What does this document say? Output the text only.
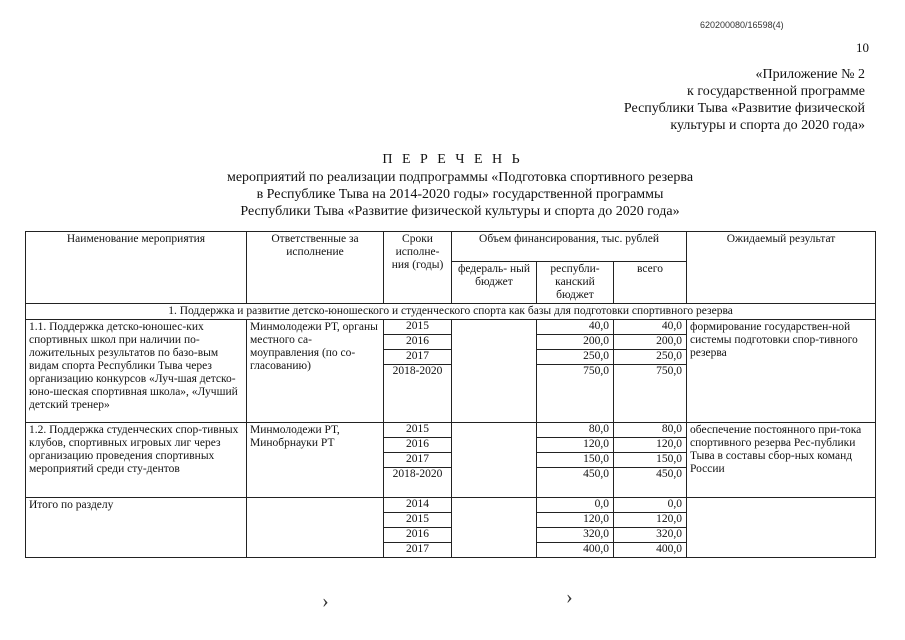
620200080/16598(4)
10
«Приложение № 2
к государственной программе
Республики Тыва «Развитие физической
культуры и спорта до 2020 года»
П Е Р Е Ч Е Н Ь
мероприятий по реализации подпрограммы «Подготовка спортивного резерва
в Республике Тыва на 2014-2020 годы» государственной программы
Республики Тыва «Развитие физической культуры и спорта до 2020 года»
Наименование мероприятия	Ответственные за исполнение	Сроки исполне- ния (годы)	Объем финансирования, тыс. рублей			Ожидаемый результат
			федераль- ный бюджет	республи- канский бюджет	всего	
1. Поддержка и развитие детско-юношеского и студенческого спорта как базы для подготовки спортивного резерва						
1.1. Поддержка детско-юношес-ких спортивных школ при наличии по-ложительных результатов по базо-вым видам спорта Республики Тыва через организацию конкурсов «Луч-шая детско-юно-шеская спортивная школа», «Лучший детский тренер»	Минмолодежи РТ, органы местного са-моуправления (по со-гласованию)	2015		40,0	40,0	формирование государствен-ной системы подготовки спор-тивного резерва
		2016		200,0	200,0	
		2017		250,0	250,0	
		2018-2020		750,0	750,0	
1.2. Поддержка студенческих спор-тивных клубов, спортивных игровых лиг через организацию проведения спортивных мероприятий среди сту-дентов	Минмолодежи РТ, Минобрнауки РТ	2015		80,0	80,0	обеспечение постоянного при-тока спортивного резерва Рес-публики Тыва в составы сбор-ных команд России
		2016		120,0	120,0	
		2017		150,0	150,0	
		2018-2020		450,0	450,0	
Итого по разделу		2014		0,0	0,0	
		2015		120,0	120,0	
		2016		320,0	320,0	
		2017		400,0	400,0	
›	›
